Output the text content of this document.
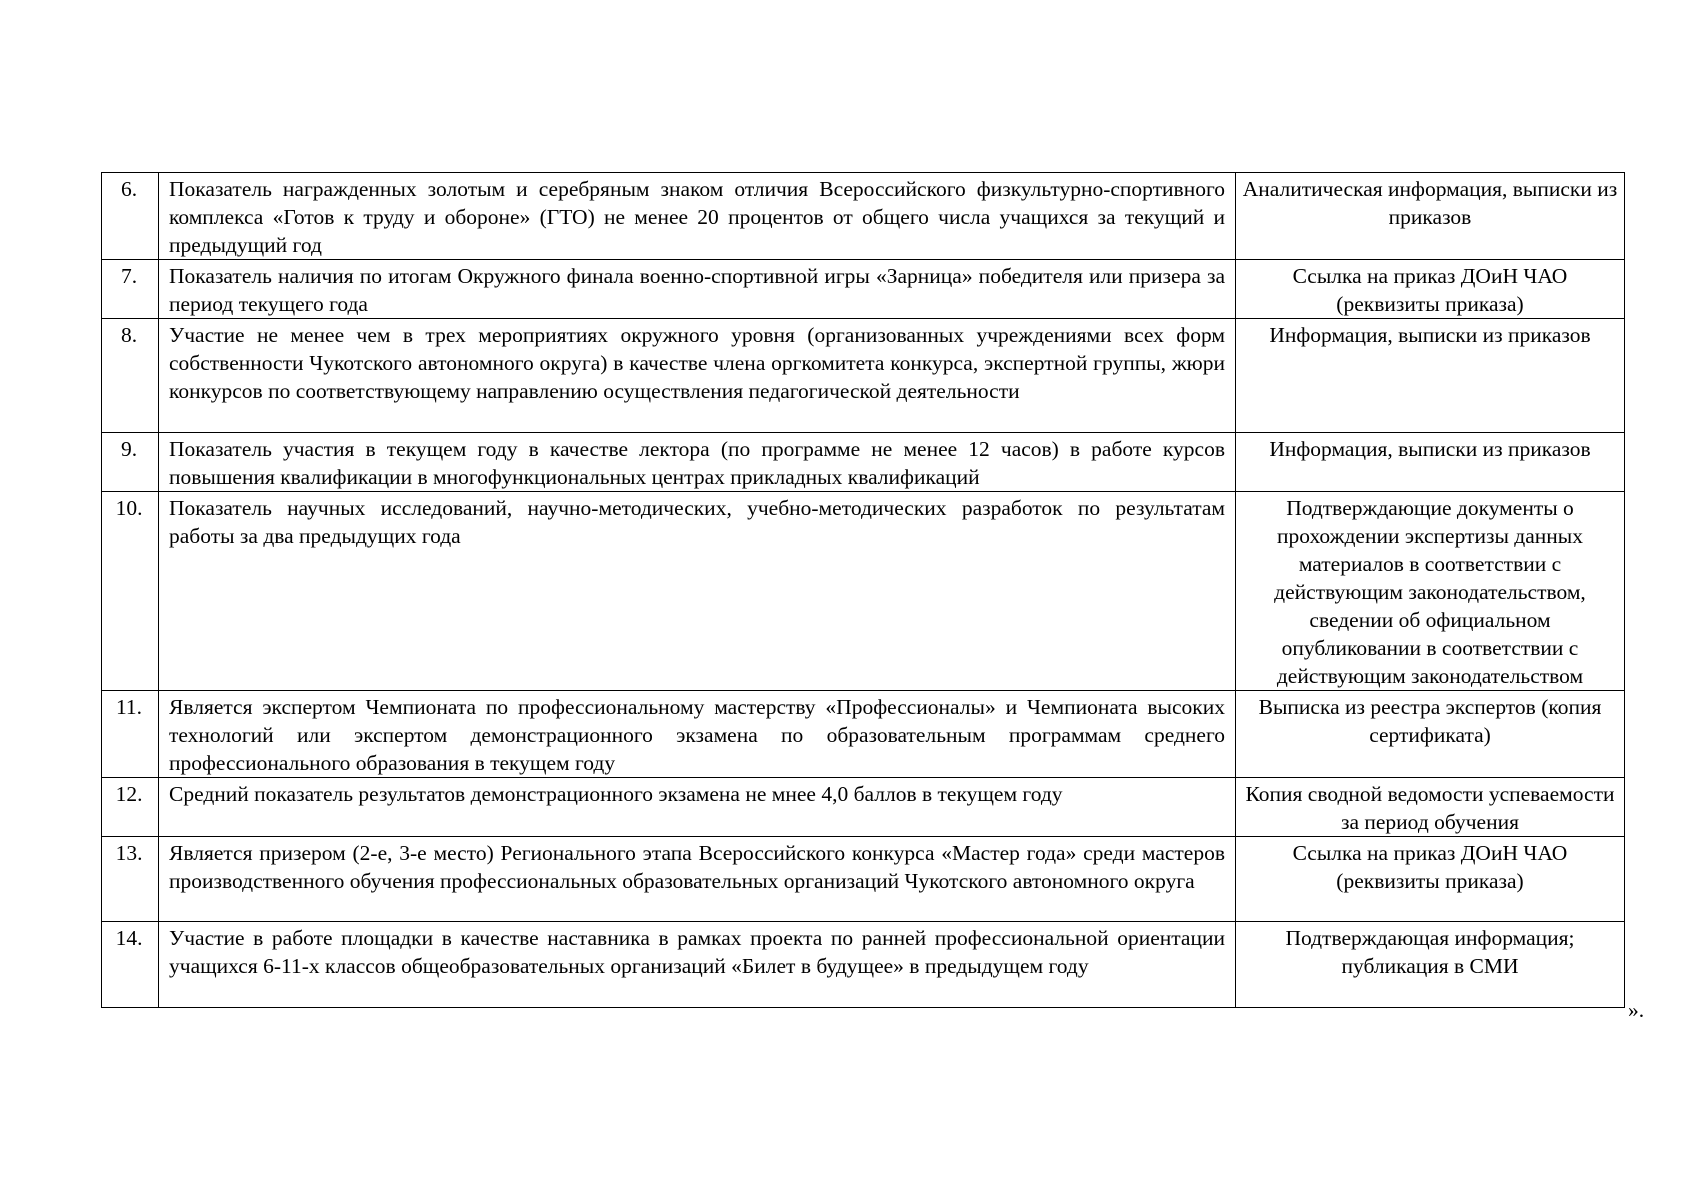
6.	Показатель награжденных золотым и серебряным знаком отличия Всероссийского физкультурно-спортивного комплекса «Готов к труду и обороне» (ГТО) не менее 20 процентов от общего числа учащихся за текущий и предыдущий год	Аналитическая информация, выписки из приказов
7.	Показатель наличия по итогам Окружного финала военно-спортивной игры «Зарница» победителя или призера за период текущего года	Ссылка на приказ ДОиН ЧАО (реквизиты приказа)
8.	Участие не менее чем в трех мероприятиях окружного уровня (организованных учреждениями всех форм собственности Чукотского автономного округа) в качестве члена оргкомитета конкурса, экспертной группы, жюри конкурсов по соответствующему направлению осуществления педагогической деятельности	Информация, выписки из приказов
9.	Показатель участия в текущем году в качестве лектора (по программе не менее 12 часов) в работе курсов повышения квалификации в многофункциональных центрах прикладных квалификаций	Информация, выписки из приказов
10.	Показатель научных исследований, научно-методических, учебно-методических разработок по результатам работы за два предыдущих года	Подтверждающие документы о прохождении экспертизы данных материалов в соответствии с действующим законодательством, сведении об официальном опубликовании в соответствии с действующим законодательством
11.	Является экспертом Чемпионата по профессиональному мастерству «Профессионалы» и Чемпионата высоких технологий или экспертом демонстрационного экзамена по образовательным программам среднего профессионального образования в текущем году	Выписка из реестра экспертов (копия сертификата)
12.	Средний показатель результатов демонстрационного экзамена не мнее 4,0 баллов в текущем году	Копия сводной ведомости успеваемости за период обучения
13.	Является призером (2-е, 3-е место) Регионального этапа Всероссийского конкурса «Мастер года» среди мастеров производственного обучения профессиональных образовательных организаций Чукотского автономного округа	Ссылка на приказ ДОиН ЧАО (реквизиты приказа)
14.	Участие в работе площадки в качестве наставника в рамках проекта по ранней профессиональной ориентации учащихся 6-11-х классов общеобразовательных организаций «Билет в будущее» в предыдущем году	Подтверждающая информация; публикация в СМИ
».
